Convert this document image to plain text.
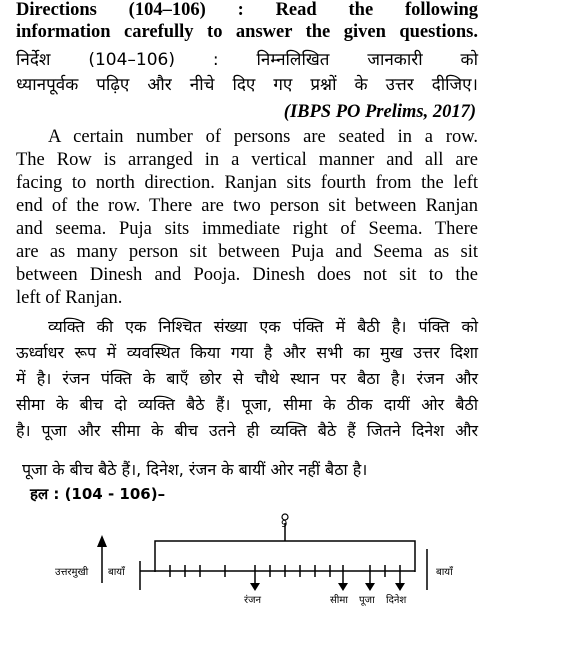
Directions (104–106) : Read the following
information carefully to answer the given questions.
निर्देश (104–106) : निम्नलिखित जानकारी को
ध्यानपूर्वक पढ़िए और नीचे दिए गए प्रश्नों के उत्तर दीजिए।
(IBPS PO Prelims, 2017)
A certain number of persons are seated in a row.
The Row is arranged in a vertical manner and all are
facing to north direction. Ranjan sits fourth from the left
end of the row. There are two person sit between Ranjan
and seema. Puja sits immediate right of Seema. There
are as many person sit between Puja and Seema as sit
between Dinesh and Pooja. Dinesh does not sit to the
left of Ranjan.
व्यक्ति की एक निश्चित संख्या एक पंक्ति में बैठी है। पंक्ति को
ऊर्ध्वाधर रूप में व्यवस्थित किया गया है और सभी का मुख उत्तर दिशा
में है। रंजन पंक्ति के बाएँ छोर से चौथे स्थान पर बैठा है। रंजन और
सीमा के बीच दो व्यक्ति बैठे हैं। पूजा, सीमा के ठीक दायीं ओर बैठी
है। पूजा और सीमा के बीच उतने ही व्यक्ति बैठे हैं जितने दिनेश और
पूजा के बीच बैठे हैं।, दिनेश, रंजन के बायीं ओर नहीं बैठा है।
हल : (104 - 106)–
उत्तरमुखी बायाँ	बायाँ
9
रंजन	सीमा पूजा दिनेश
